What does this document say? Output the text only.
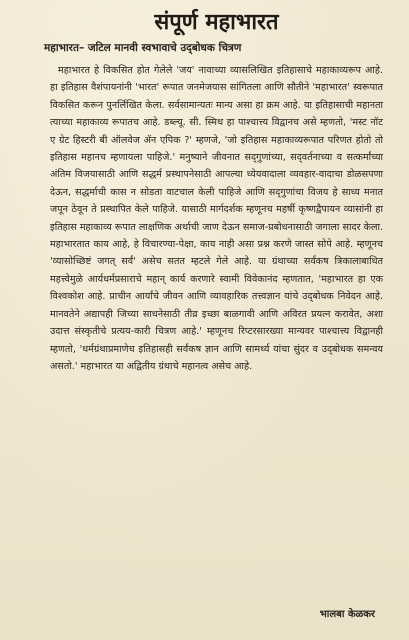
संपूर्ण महाभारत
महाभारत– जटिल मानवी स्वभावाचे उद्‌बोधक चित्रण

महाभारत हे विकसित होत गेलेले 'जय' नावाच्या व्यासलिखित इतिहासाचे महाकाव्यरूप आहे. हा इतिहास वैशंपायनांनी 'भारत' रूपात जनमेजयास सांगितला आणि सौतीने 'महाभारत' स्वरूपात विकसित करून पुनर्लिखित केला. सर्वसामान्यतः मान्य असा हा क्रम आहे. या इतिहासाची महानता त्याच्या महाकाव्य रूपातच आहे. डब्ल्यू. सी. स्मिथ हा पाश्चात्त्य विद्वानच असे म्हणतो, 'मस्ट नॉट ए ग्रेट हिस्टरी बी ऑलवेज ॲन एपिक ?' म्हणजे, 'जो इतिहास महाकाव्यरूपात परिणत होतो तो इतिहास महानच म्हणायला पाहिजे.' मनुष्याने जीवनात सद्‌गुणांच्या, सद्‌वर्तनाच्या व सत्कर्मांच्या अंतिम विजयासाठी आणि सद्धर्म प्रस्थापनेसाठी आपल्या ध्येयवादाला व्यवहार-वादाचा डोळसपणा देऊन, सद्धर्माची कास न सोडता वाटचाल केली पाहिजे आणि सद्‌गुणांचा विजय हे साध्य मनात जपून ठेवून ते प्रस्थापित केले पाहिजे. यासाठी मार्गदर्शक म्हणूनच महर्षी कृष्णद्वैपायन व्यासांनी हा इतिहास महाकाव्य रूपात लाक्षणिक अर्थाची जाण देऊन समाज-प्रबोधनासाठी जगाला सादर केला. महाभारतात काय आहे, हे विचारण्या-पेक्षा, काय नाही असा प्रश्न करणे जास्त सोपे आहे. म्हणूनच 'व्यासोच्छिष्टं जगत् सर्वं' असेच सतत म्हटले गेले आहे. या ग्रंथाच्या सर्वंकष त्रिकालाबाधित महत्त्वेमुळे आर्यधर्मप्रसाराचे महान् कार्य करणारे स्वामी विवेकानंद म्हणतात, 'महाभारत हा एक विश्वकोश आहे. प्राचीन आर्यांचे जीवन आणि व्यावहारिक तत्त्वज्ञान यांचे उद्‌बोधक निवेदन आहे. मानवतेने अद्यापही जिच्या साधनेसाठी तीव्र इच्छा बाळगावी आणि अविरत प्रयत्न करावेत, अशा उदात्त संस्कृतीचे प्रत्यय-कारी चित्रण आहे.' म्हणूनच रिप्टरसारख्या मान्यवर पाश्चात्त्य विद्वानही म्हणतो, 'धर्मग्रंथाप्रमाणेच इतिहासही सर्वंकष ज्ञान आणि सामर्थ्य यांचा सुंदर व उद्‌बोधक समन्वय असतो.' महाभारत या अद्वितीय ग्रंथाचे महानत्व असेच आहे.

भालबा केळकर
